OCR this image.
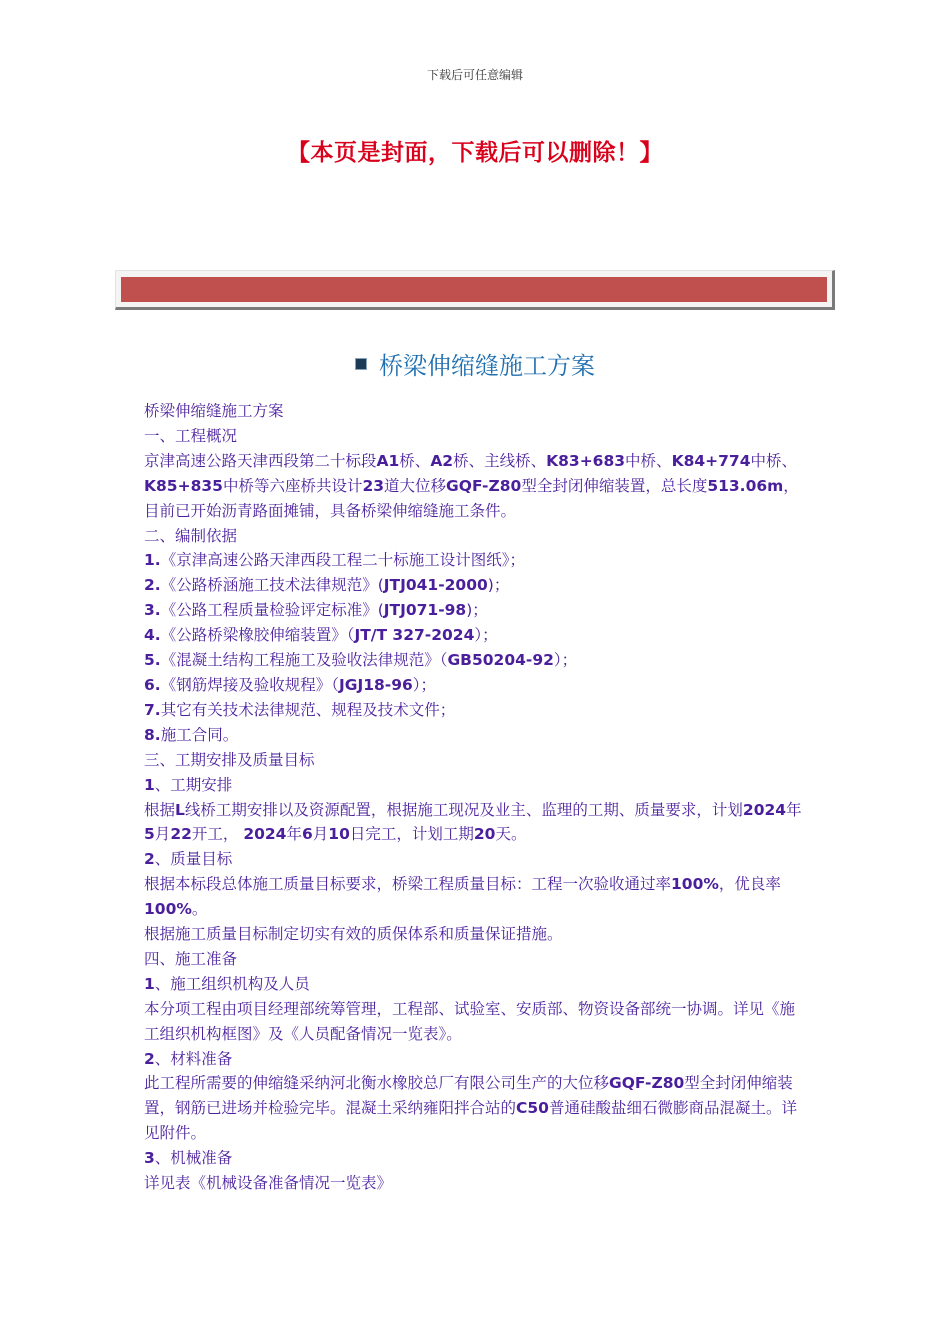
下载后可任意编辑
【本页是封面，下载后可以删除！】
桥梁伸缩缝施工方案

桥梁伸缩缝施工方案

一、工程概况

京津高速公路天津西段第二十标段A1桥、A2桥、主线桥、K83+683中桥、K84+774中桥、K85+835中桥等六座桥共设计23道大位移GQF-Z80型全封闭伸缩装置，总长度513.06m，目前已开始沥青路面摊铺，具备桥梁伸缩缝施工条件。

二、编制依据

1.《京津高速公路天津西段工程二十标施工设计图纸》；

2.《公路桥涵施工技术法律规范》(JTJ041-2000)；

3.《公路工程质量检验评定标准》(JTJ071-98)；

4.《公路桥梁橡胶伸缩装置》（JT/T 327-2024）；

5.《混凝土结构工程施工及验收法律规范》（GB50204-92）；

6.《钢筋焊接及验收规程》（JGJ18-96）；

7.其它有关技术法律规范、规程及技术文件；

8.施工合同。

三、工期安排及质量目标

1、工期安排

根据L线桥工期安排以及资源配置，根据施工现况及业主、监理的工期、质量要求，计划2024年5月22开工， 2024年6月10日完工，计划工期20天。

2、质量目标

根据本标段总体施工质量目标要求，桥梁工程质量目标：工程一次验收通过率100%，优良率100%。

根据施工质量目标制定切实有效的质保体系和质量保证措施。

四、施工准备

1、施工组织机构及人员

本分项工程由项目经理部统筹管理，工程部、试验室、安质部、物资设备部统一协调。详见《施工组织机构框图》及《人员配备情况一览表》。

2、材料准备

此工程所需要的伸缩缝采纳河北衡水橡胶总厂有限公司生产的大位移GQF-Z80型全封闭伸缩装置，钢筋已进场并检验完毕。混凝土采纳雍阳拌合站的C50普通硅酸盐细石微膨商品混凝土。详见附件。

3、机械准备

详见表《机械设备准备情况一览表》
